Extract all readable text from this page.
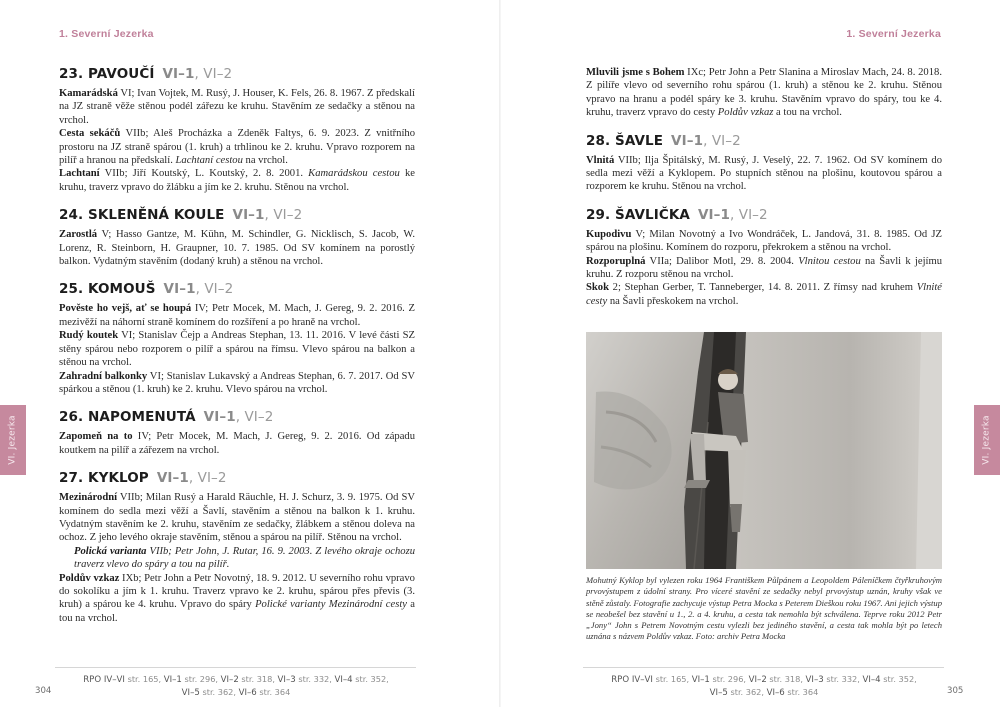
1. Severní Jezerka
23. PAVOUČÍ VI–1, VI–2

Kamarádská VI; Ivan Vojtek, M. Rusý, J. Houser, K. Fels, 26. 8. 1967. Z předskalí na JZ straně věže stěnou podél zářezu ke kruhu. Stavěním ze sedačky a stěnou na vrchol.

Cesta sekáčů VIIb; Aleš Procházka a Zdeněk Faltys, 6. 9. 2023. Z vnitřního prostoru na JZ straně spárou (1. kruh) a trhlinou ke 2. kruhu. Vpravo rozporem na pilíř a hranou na předskalí. Lachtaní cestou na vrchol.

Lachtaní VIIb; Jiří Koutský, L. Koutský, 2. 8. 2001. Kamarádskou cestou ke kruhu, traverz vpravo do žlábku a jím ke 2. kruhu. Stěnou na vrchol.

24. SKLENĚNÁ KOULE VI–1, VI–2

Zarostlá V; Hasso Gantze, M. Kühn, M. Schindler, G. Nicklisch, S. Jacob, W. Lorenz, R. Steinborn, H. Graupner, 10. 7. 1985. Od SV komínem na porostlý balkon. Vydatným stavěním (dodaný kruh) a stěnou na vrchol.

25. KOMOUŠ VI–1, VI–2

Pověste ho vejš, ať se houpá IV; Petr Mocek, M. Mach, J. Gereg, 9. 2. 2016. Z mezivěží na náhorní straně komínem do rozšíření a po hraně na vrchol.

Rudý koutek VI; Stanislav Čejp a Andreas Stephan, 13. 11. 2016. V levé části SZ stěny spárou nebo rozporem o pilíř a spárou na římsu. Vlevo spárou na balkon a stěnou na vrchol.

Zahradní balkonky VI; Stanislav Lukavský a Andreas Stephan, 6. 7. 2017. Od SV spárkou a stěnou (1. kruh) ke 2. kruhu. Vlevo spárou na vrchol.

26. NAPOMENUTÁ VI–1, VI–2

Zapomeň na to IV; Petr Mocek, M. Mach, J. Gereg, 9. 2. 2016. Od západu koutkem na pilíř a zářezem na vrchol.

27. KYKLOP VI–1, VI–2

Mezinárodní VIIb; Milan Rusý a Harald Räuchle, H. J. Schurz, 3. 9. 1975. Od SV komínem do sedla mezi věží a Šavlí, stavěním a stěnou na balkon k 1. kruhu. Vydatným stavěním ke 2. kruhu, stavěním ze sedačky, žlábkem a stěnou doleva na ochoz. Z jeho levého okraje stavěním, stěnou a spárou na pilíř. Stěnou na vrchol.

Polická varianta VIIb; Petr John, J. Rutar, 16. 9. 2003. Z levého okraje ochozu traverz vlevo do spáry a tou na pilíř.

Poldův vzkaz IXb; Petr John a Petr Novotný, 18. 9. 2012. U severního rohu vpravo do sokolíku a jím k 1. kruhu. Traverz vpravo ke 2. kruhu, spárou přes převis (3. kruh) a spárou ke 4. kruhu. Vpravo do spáry Polické varianty Mezinárodní cesty a tou na vrchol.

VI. Jezerka
RPO IV–VI str. 165, VI–1 str. 296, VI–2 str. 318, VI–3 str. 332, VI–4 str. 352,
VI–5 str. 362, VI–6 str. 364
304
1. Severní Jezerka

Mluvili jsme s Bohem IXc; Petr John a Petr Slanina a Miroslav Mach, 24. 8. 2018. Z pilíře vlevo od severního rohu spárou (1. kruh) a stěnou ke 2. kruhu. Stěnou vpravo na hranu a podél spáry ke 3. kruhu. Stavěním vpravo do spáry, tou ke 4. kruhu, traverz vpravo do cesty Poldův vzkaz a tou na vrchol.

28. ŠAVLE VI–1, VI–2

Vlnitá VIIb; Ilja Špitálský, M. Rusý, J. Veselý, 22. 7. 1962. Od SV komínem do sedla mezi věží a Kyklopem. Po stupních stěnou na plošinu, koutovou spárou a rozporem ke kruhu. Stěnou na vrchol.

29. ŠAVLIČKA VI–1, VI–2

Kupodivu V; Milan Novotný a Ivo Wondráček, L. Jandová, 31. 8. 1985. Od JZ spárou na plošinu. Komínem do rozporu, překrokem a stěnou na vrchol.

Rozporuplná VIIa; Dalibor Motl, 29. 8. 2004. Vlnitou cestou na Šavli k jejímu kruhu. Z rozporu stěnou na vrchol.

Skok 2; Stephan Gerber, T. Tanneberger, 14. 8. 2011. Z římsy nad kruhem Vlnité cesty na Šavli přeskokem na vrchol.

Mohutný Kyklop byl vylezen roku 1964 Františkem Půlpánem a Leopoldem Páleníčkem čtyřkruhovým prvovýstupem z údolní strany. Pro víceré stavění ze sedačky nebyl prvovýstup uznán, kruhy však ve stěně zůstaly. Fotografie zachycuje výstup Petra Mocka s Peterem Dieškou roku 1967. Ani jejich výstup se neobešel bez stavění u 1., 2. a 4. kruhu, a cesta tak nemohla být schválena. Teprve roku 2012 Petr „Jony“ John s Petrem Novotným cestu vylezli bez jediného stavění, a cesta tak mohla být po letech uznána s názvem Poldův vzkaz. Foto: archiv Petra Mocka
VI. Jezerka
RPO IV–VI str. 165, VI–1 str. 296, VI–2 str. 318, VI–3 str. 332, VI–4 str. 352,
VI–5 str. 362, VI–6 str. 364	305
